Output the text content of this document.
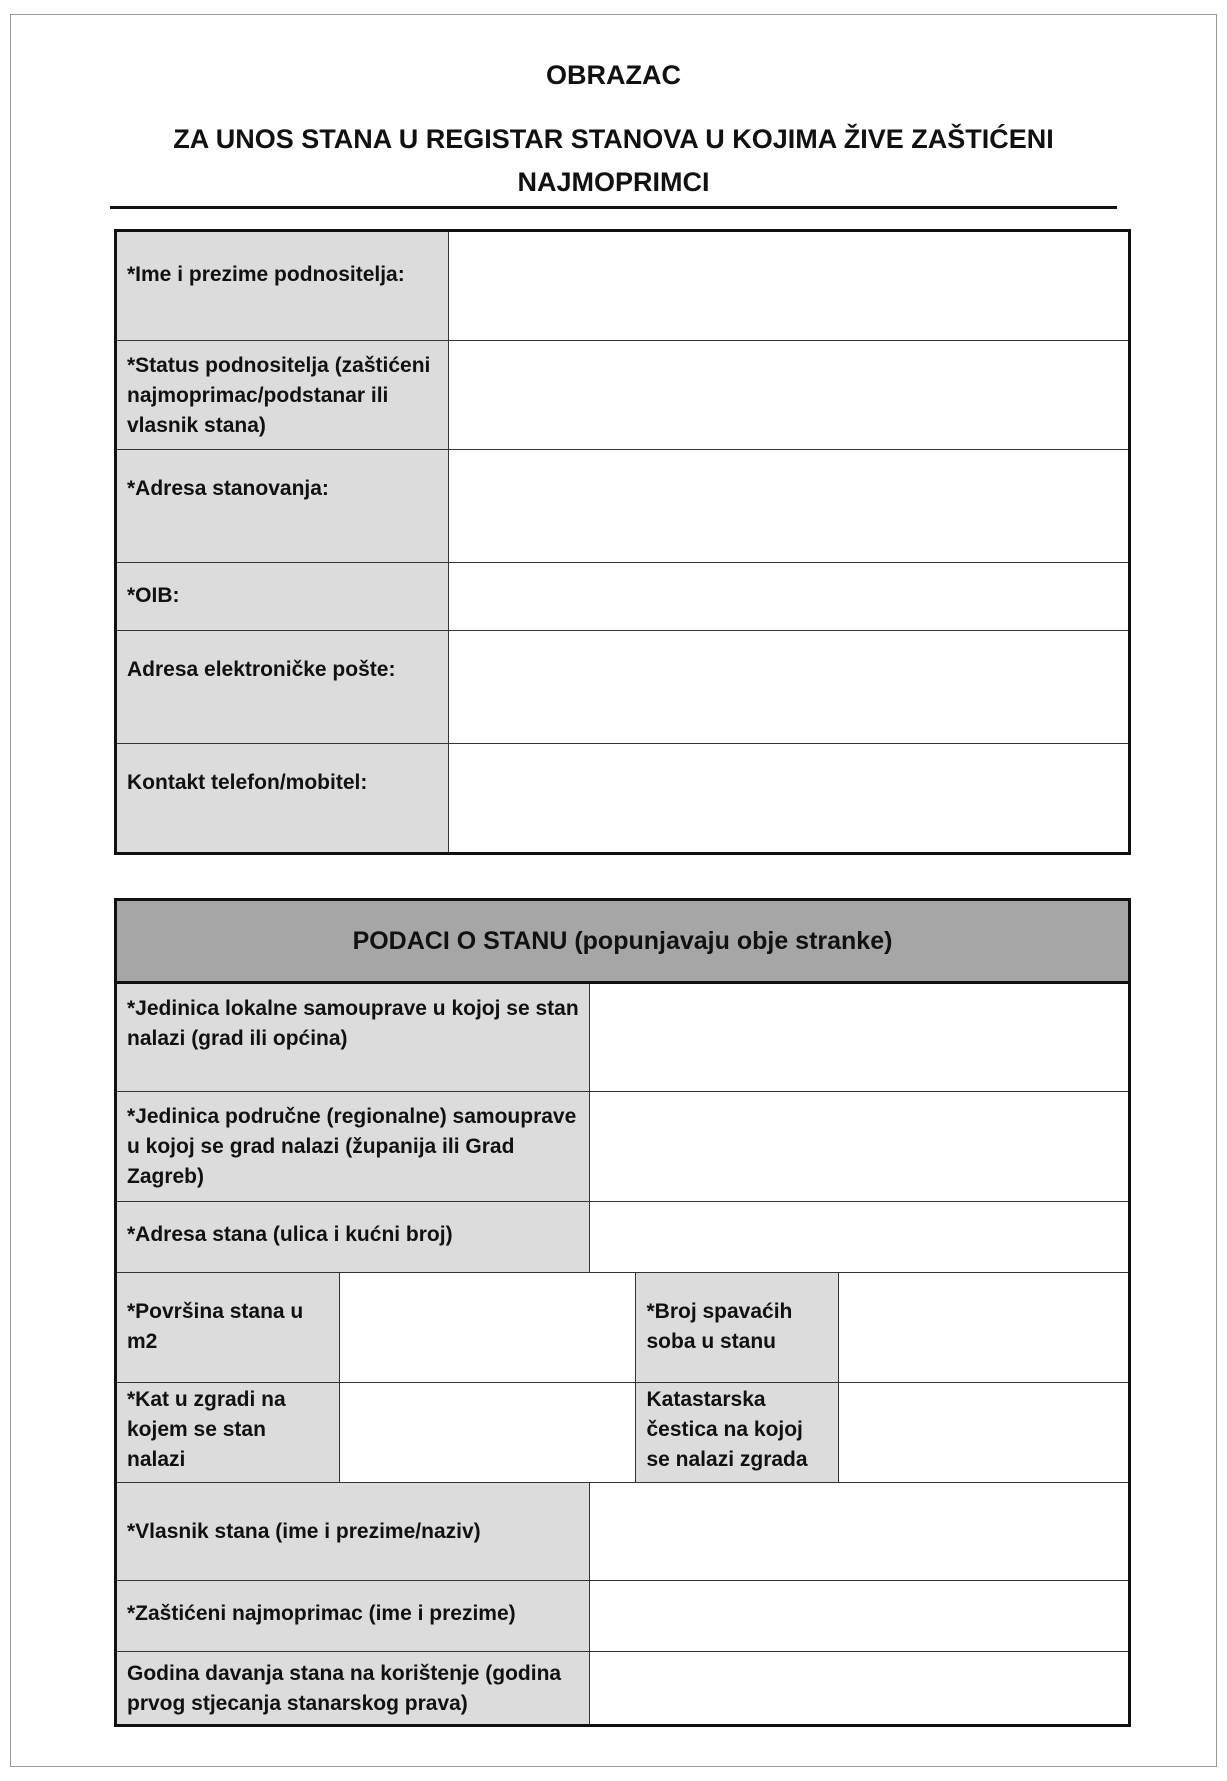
OBRAZAC
ZA UNOS STANA U REGISTAR STANOVA U KOJIMA ŽIVE ZAŠTIĆENI NAJMOPRIMCI
*Ime i prezime podnositelja:	
*Status podnositelja (zaštićeni najmoprimac/podstanar ili vlasnik stana)	
*Adresa stanovanja:	
*OIB:	

Adresa elektroničke pošte:	
Kontakt telefon/mobitel:	
PODACI O STANU (popunjavaju obje stranke)				
*Jedinica lokalne samouprave u kojoj se stan nalazi (grad ili općina)				
*Jedinica područne (regionalne) samouprave u kojoj se grad nalazi (županija ili Grad Zagreb)				
*Adresa stana (ulica i kućni broj)				
*Površina stana u m2			*Broj spavaćih soba u stanu	
*Kat u zgradi na kojem se stan nalazi			Katastarska čestica na kojoj se nalazi zgrada	
*Vlasnik stana (ime i prezime/naziv)				
*Zaštićeni najmoprimac (ime i prezime)				
Godina davanja stana na korištenje (godina prvog stjecanja stanarskog prava)				
